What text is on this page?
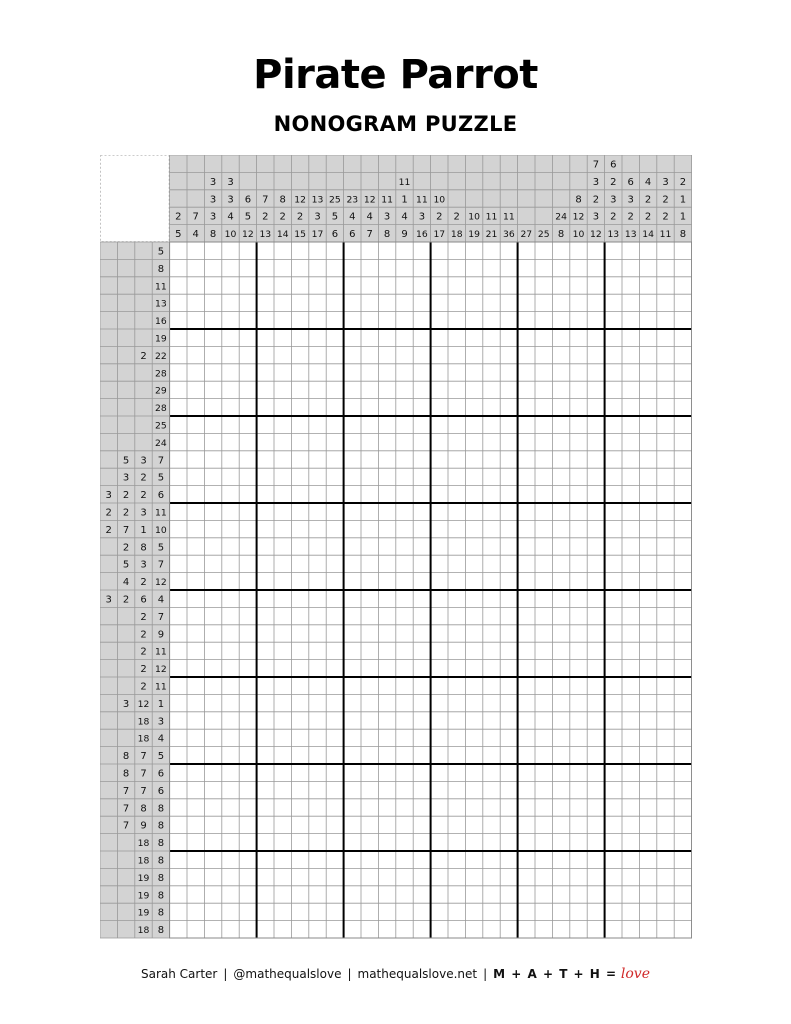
Pirate Parrot
NONOGRAM PUZZLE
2
5
7
4
3
3
3
8
3
3
4
10
6
5
12
7
2
13
8
2
14
12
2
15
13
3
17
25
5
6
23
4
6
12
4
7
11
3
8
11
1
4
9
11
3
16
10
2
17
2
18
10
19
11
21
11
36 27 25
24
8
8
12
10
7
3
2
3
12
6
2
3
2
13
6
3
2
13
4
2
2
14
3
2
2
11
2
1
1
8
5
8
11
13
16
19
2 22
28
29
28
25
24
5 3 7
3 2 5
3 2 2 6
2 2 3 11
2 7 1 10
2 8 5
5 3 7
4 2 12
3 2 6 4
2 7
2 9
2 11
2 12
2 11
3 12 1
18 3
18 4
8 7 5
8 7 6
7 7 6
7 8 8
7 9 8
18 8
18 8
19 8
19 8
19 8
18 8
Sarah Carter | @mathequalslove | mathequalslove.net | M + A + T + H = love
